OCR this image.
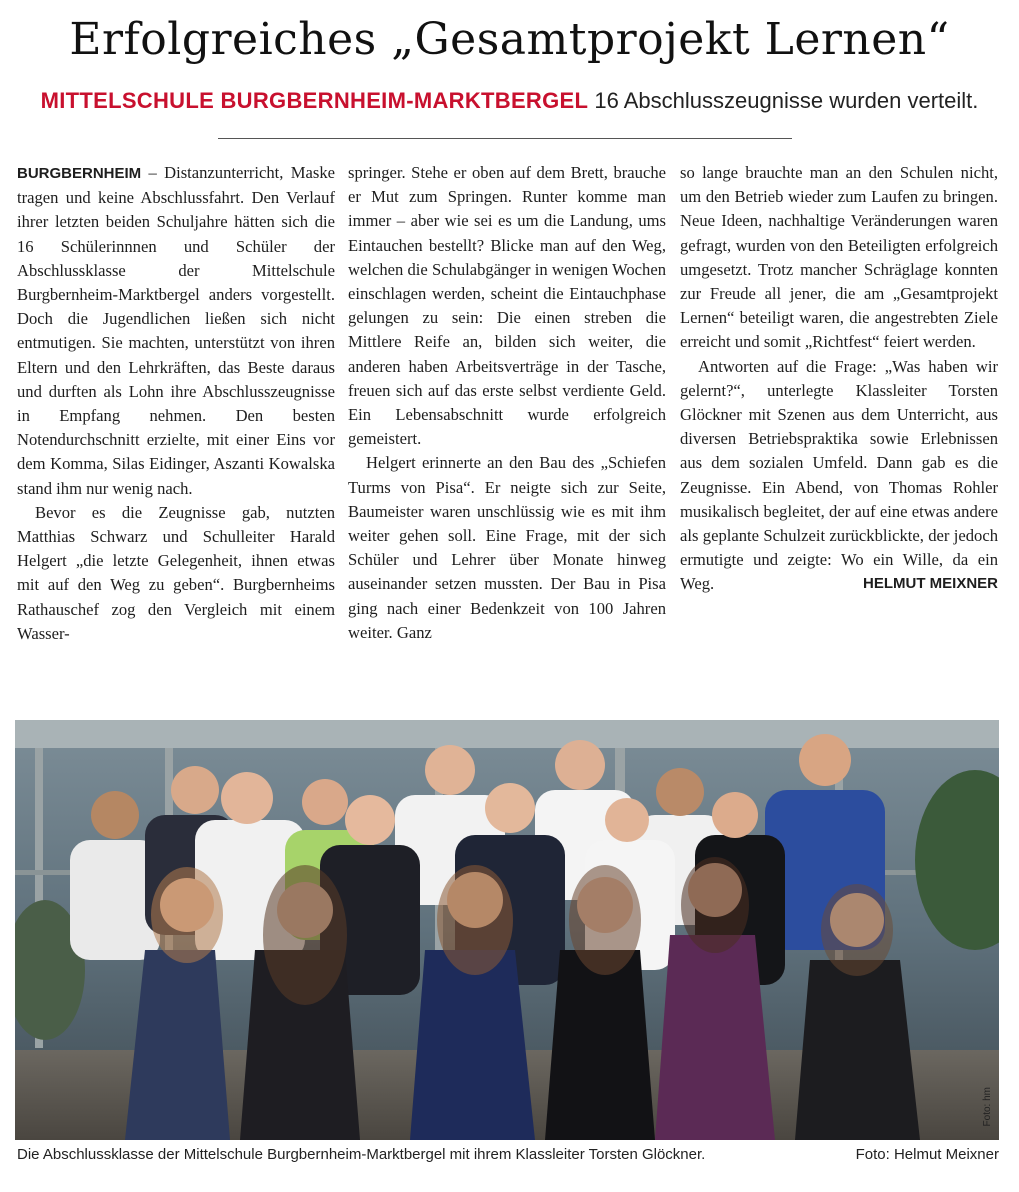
Erfolgreiches „Gesamtprojekt Lernen“
MITTELSCHULE BURGBERNHEIM-MARKTBERGEL 16 Abschlusszeugnisse wurden verteilt.

BURGBERNHEIM – Distanzunterricht, Maske tragen und keine Abschlussfahrt. Den Verlauf ihrer letzten beiden Schuljahre hätten sich die 16 Schülerinnnen und Schüler der Abschlussklasse der Mittelschule Burgbernheim-Marktbergel anders vorgestellt. Doch die Jugendlichen ließen sich nicht entmutigen. Sie machten, unterstützt von ihren Eltern und den Lehrkräften, das Beste daraus und durften als Lohn ihre Abschlusszeugnisse in Empfang nehmen. Den besten Notendurchschnitt erzielte, mit einer Eins vor dem Komma, Silas Eidinger, Aszanti Kowalska stand ihm nur wenig nach.

Bevor es die Zeugnisse gab, nutzten Matthias Schwarz und Schulleiter Harald Helgert „die letzte Gelegenheit, ihnen etwas mit auf den Weg zu geben“. Burgbernheims Rathauschef zog den Vergleich mit einem Wasser-

springer. Stehe er oben auf dem Brett, brauche er Mut zum Springen. Runter komme man immer – aber wie sei es um die Landung, ums Eintauchen bestellt? Blicke man auf den Weg, welchen die Schulabgänger in wenigen Wochen einschlagen werden, scheint die Eintauchphase gelungen zu sein: Die einen streben die Mittlere Reife an, bilden sich weiter, die anderen haben Arbeitsverträge in der Tasche, freuen sich auf das erste selbst verdiente Geld. Ein Lebensabschnitt wurde erfolgreich gemeistert.

Helgert erinnerte an den Bau des „Schiefen Turms von Pisa“. Er neigte sich zur Seite, Baumeister waren unschlüssig wie es mit ihm weiter gehen soll. Eine Frage, mit der sich Schüler und Lehrer über Monate hinweg auseinander setzen mussten. Der Bau in Pisa ging nach einer Bedenkzeit von 100 Jahren weiter. Ganz

so lange brauchte man an den Schulen nicht, um den Betrieb wieder zum Laufen zu bringen. Neue Ideen, nachhaltige Veränderungen waren gefragt, wurden von den Beteiligten erfolgreich umgesetzt. Trotz mancher Schräglage konnten zur Freude all jener, die am „Gesamtprojekt Lernen“ beteiligt waren, die angestrebten Ziele erreicht und somit „Richtfest“ feiert werden.

Antworten auf die Frage: „Was haben wir gelernt?“, unterlegte Klassleiter Torsten Glöckner mit Szenen aus dem Unterricht, aus diversen Betriebspraktika sowie Erlebnissen aus dem sozialen Umfeld. Dann gab es die Zeugnisse. Ein Abend, von Thomas Rohler musikalisch begleitet, der auf eine etwas andere als geplante Schulzeit zurückblickte, der jedoch ermutigte und zeigte: Wo ein Wille, da ein Weg.	HELMUT MEIXNER

Foto: hm
Die Abschlussklasse der Mittelschule Burgbernheim-Marktbergel mit ihrem Klassleiter Torsten Glöckner.	Foto: Helmut Meixner
